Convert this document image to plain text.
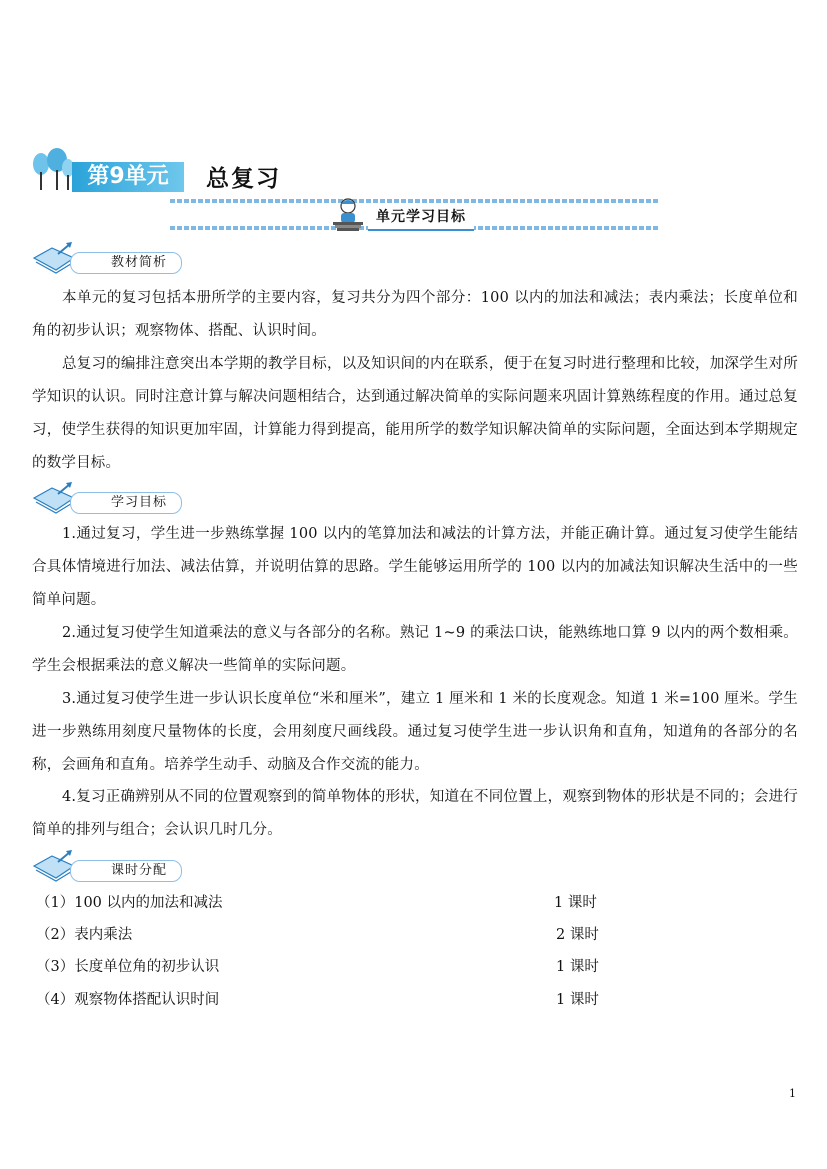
第9单元	总复习
单元学习目标
教材简析
本单元的复习包括本册所学的主要内容，复习共分为四个部分：100 以内的加法和减法；表内乘法；长度单位和角的初步认识；观察物体、搭配、认识时间。
总复习的编排注意突出本学期的教学目标，以及知识间的内在联系，便于在复习时进行整理和比较，加深学生对所学知识的认识。同时注意计算与解决问题相结合，达到通过解决简单的实际问题来巩固计算熟练程度的作用。通过总复习，使学生获得的知识更加牢固，计算能力得到提高，能用所学的数学知识解决简单的实际问题，全面达到本学期规定的数学目标。
学习目标
1.通过复习，学生进一步熟练掌握 100 以内的笔算加法和减法的计算方法，并能正确计算。通过复习使学生能结合具体情境进行加法、减法估算，并说明估算的思路。学生能够运用所学的 100 以内的加减法知识解决生活中的一些简单问题。
2.通过复习使学生知道乘法的意义与各部分的名称。熟记 1~9 的乘法口诀，能熟练地口算 9 以内的两个数相乘。学生会根据乘法的意义解决一些简单的实际问题。
3.通过复习使学生进一步认识长度单位“米和厘米”，建立 1 厘米和 1 米的长度观念。知道 1 米=100 厘米。学生进一步熟练用刻度尺量物体的长度，会用刻度尺画线段。通过复习使学生进一步认识角和直角，知道角的各部分的名称，会画角和直角。培养学生动手、动脑及合作交流的能力。
4.复习正确辨别从不同的位置观察到的简单物体的形状，知道在不同位置上，观察到物体的形状是不同的；会进行简单的排列与组合；会认识几时几分。
课时分配
（1）100 以内的加法和减法	1 课时
（2）表内乘法	2 课时
（3）长度单位角的初步认识	1 课时
（4）观察物体搭配认识时间	1 课时
1
